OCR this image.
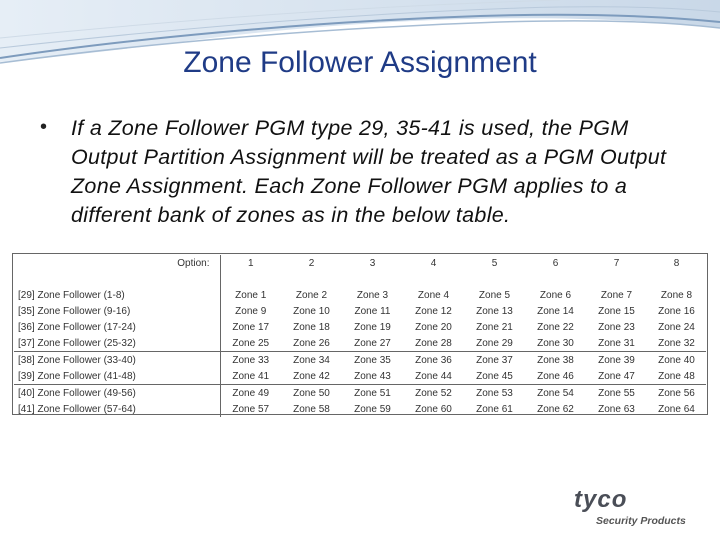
Zone Follower Assignment
• If a Zone Follower PGM type 29, 35-41 is used, the PGM Output Partition Assignment will be treated as a PGM Output Zone Assignment. Each Zone Follower PGM applies to a different bank of zones as in the below table.
Option:	1	2	3	4	5	6	7	8

[29] Zone Follower (1-8)	Zone 1	Zone 2	Zone 3	Zone 4	Zone 5	Zone 6	Zone 7	Zone 8
[35] Zone Follower (9-16)	Zone 9	Zone 10	Zone 11	Zone 12	Zone 13	Zone 14	Zone 15	Zone 16
[36] Zone Follower (17-24)	Zone 17	Zone 18	Zone 19	Zone 20	Zone 21	Zone 22	Zone 23	Zone 24
[37] Zone Follower (25-32)	Zone 25	Zone 26	Zone 27	Zone 28	Zone 29	Zone 30	Zone 31	Zone 32
[38] Zone Follower (33-40)	Zone 33	Zone 34	Zone 35	Zone 36	Zone 37	Zone 38	Zone 39	Zone 40
[39] Zone Follower (41-48)	Zone 41	Zone 42	Zone 43	Zone 44	Zone 45	Zone 46	Zone 47	Zone 48
[40] Zone Follower (49-56)	Zone 49	Zone 50	Zone 51	Zone 52	Zone 53	Zone 54	Zone 55	Zone 56
[41] Zone Follower (57-64)	Zone 57	Zone 58	Zone 59	Zone 60	Zone 61	Zone 62	Zone 63	Zone 64
tyco
Security Products
